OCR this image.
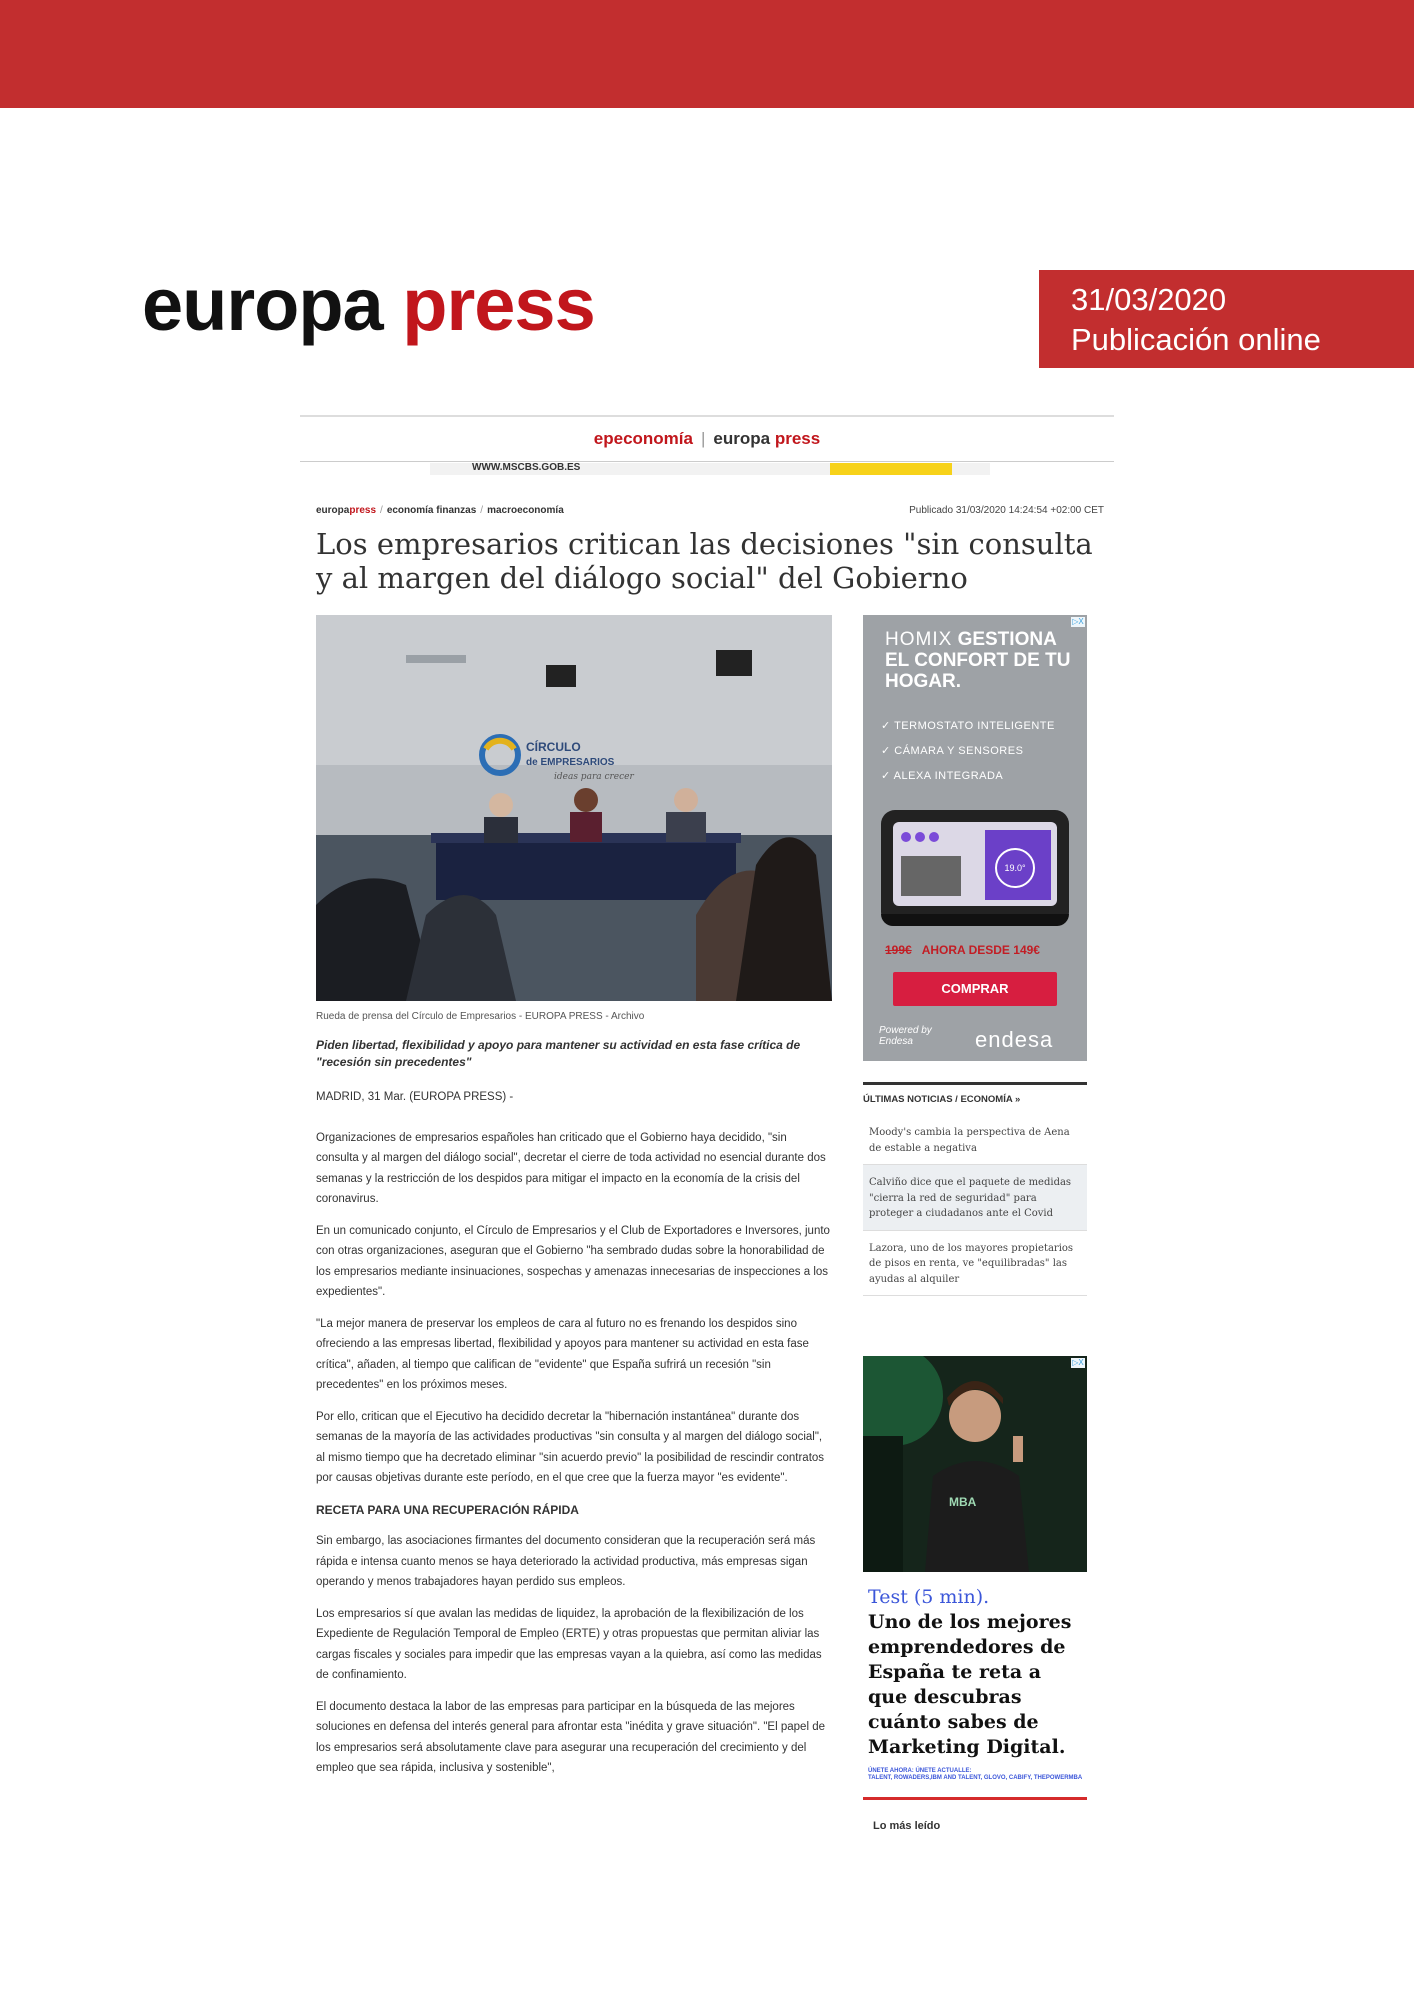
europa press	31/03/2020
Publicación online
epeconomía | europa press
WWW.MSCBS.GOB.ES
europapress / economía finanzas / macroeconomía	Publicado 31/03/2020 14:24:54 +02:00 CET
Los empresarios critican las decisiones "sin consulta y al margen del diálogo social" del Gobierno
CÍRCULO
de EMPRESARIOS
ideas para crecer
Rueda de prensa del Círculo de Empresarios - EUROPA PRESS - Archivo
Piden libertad, flexibilidad y apoyo para mantener su actividad en esta fase crítica de "recesión sin precedentes"

MADRID, 31 Mar. (EUROPA PRESS) -

Organizaciones de empresarios españoles han criticado que el Gobierno haya decidido, "sin consulta y al margen del diálogo social", decretar el cierre de toda actividad no esencial durante dos semanas y la restricción de los despidos para mitigar el impacto en la economía de la crisis del coronavirus.

En un comunicado conjunto, el Círculo de Empresarios y el Club de Exportadores e Inversores, junto con otras organizaciones, aseguran que el Gobierno "ha sembrado dudas sobre la honorabilidad de los empresarios mediante insinuaciones, sospechas y amenazas innecesarias de inspecciones a los expedientes".

"La mejor manera de preservar los empleos de cara al futuro no es frenando los despidos sino ofreciendo a las empresas libertad, flexibilidad y apoyos para mantener su actividad en esta fase crítica", añaden, al tiempo que califican de "evidente" que España sufrirá un recesión "sin precedentes" en los próximos meses.

Por ello, critican que el Ejecutivo ha decidido decretar la "hibernación instantánea" durante dos semanas de la mayoría de las actividades productivas "sin consulta y al margen del diálogo social", al mismo tiempo que ha decretado eliminar "sin acuerdo previo" la posibilidad de rescindir contratos por causas objetivas durante este período, en el que cree que la fuerza mayor "es evidente".

RECETA PARA UNA RECUPERACIÓN RÁPIDA

Sin embargo, las asociaciones firmantes del documento consideran que la recuperación será más rápida e intensa cuanto menos se haya deteriorado la actividad productiva, más empresas sigan operando y menos trabajadores hayan perdido sus empleos.

Los empresarios sí que avalan las medidas de liquidez, la aprobación de la flexibilización de los Expediente de Regulación Temporal de Empleo (ERTE) y otras propuestas que permitan aliviar las cargas fiscales y sociales para impedir que las empresas vayan a la quiebra, así como las medidas de confinamiento.

El documento destaca la labor de las empresas para participar en la búsqueda de las mejores soluciones en defensa del interés general para afrontar esta "inédita y grave situación". "El papel de los empresarios será absolutamente clave para asegurar una recuperación del crecimiento y del empleo que sea rápida, inclusiva y sostenible",

▷X
HOMIX GESTIONA EL CONFORT DE TU HOGAR.
✓ TERMOSTATO INTELIGENTE
✓ CÁMARA Y SENSORES
✓ ALEXA INTEGRADA
19.0°
199€ AHORA DESDE 149€
COMPRAR
Powered by
Endesa	endesa
ÚLTIMAS NOTICIAS / ECONOMÍA »
Moody's cambia la perspectiva de Aena de estable a negativa
Calviño dice que el paquete de medidas "cierra la red de seguridad" para proteger a ciudadanos ante el Covid
Lazora, uno de los mayores propietarios de pisos en renta, ve "equilibradas" las ayudas al alquiler
▷X
MBA
Test (5 min).
Uno de los mejores emprendedores de España te reta a que descubras cuánto sabes de Marketing Digital.
ÚNETE AHORA: ÚNETE ACTUALLE:
TALENT, ROWADERS,IBM AND TALENT, GLOVO, CABIFY, THEPOWERMBA
Lo más leído
